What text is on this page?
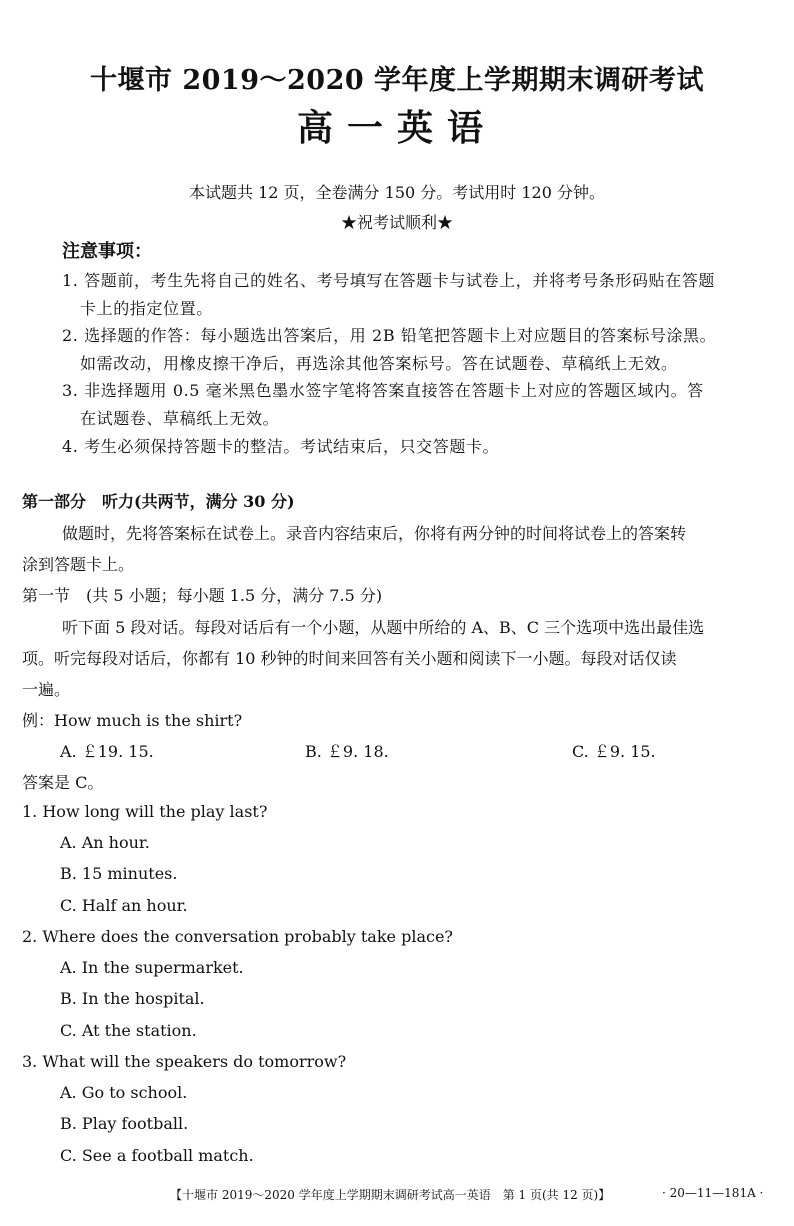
十堰市 2019～2020 学年度上学期期末调研考试
高一英语
本试题共 12 页，全卷满分 150 分。考试用时 120 分钟。
★祝考试顺利★
注意事项：
1. 答题前，考生先将自己的姓名、考号填写在答题卡与试卷上，并将考号条形码贴在答题
卡上的指定位置。
2. 选择题的作答：每小题选出答案后，用 2B 铅笔把答题卡上对应题目的答案标号涂黑。
如需改动，用橡皮擦干净后，再选涂其他答案标号。答在试题卷、草稿纸上无效。
3. 非选择题用 0.5 毫米黑色墨水签字笔将答案直接答在答题卡上对应的答题区域内。答
在试题卷、草稿纸上无效。
4. 考生必须保持答题卡的整洁。考试结束后，只交答题卡。
第一部分　听力(共两节，满分 30 分)
做题时，先将答案标在试卷上。录音内容结束后，你将有两分钟的时间将试卷上的答案转
涂到答题卡上。
第一节　(共 5 小题；每小题 1.5 分，满分 7.5 分)
听下面 5 段对话。每段对话后有一个小题，从题中所给的 A、B、C 三个选项中选出最佳选
项。听完每段对话后，你都有 10 秒钟的时间来回答有关小题和阅读下一小题。每段对话仅读
一遍。
例：How much is the shirt?
A. ￡19. 15.	B. ￡9. 18.	C. ￡9. 15.
答案是 C。
1. How long will the play last?
A. An hour.
B. 15 minutes.
C. Half an hour.
2. Where does the conversation probably take place?
A. In the supermarket.
B. In the hospital.
C. At the station.
3. What will the speakers do tomorrow?
A. Go to school.
B. Play football.
C. See a football match.
【十堰市 2019～2020 学年度上学期期末调研考试高一英语　第 1 页(共 12 页)】	· 20—11—181A ·
